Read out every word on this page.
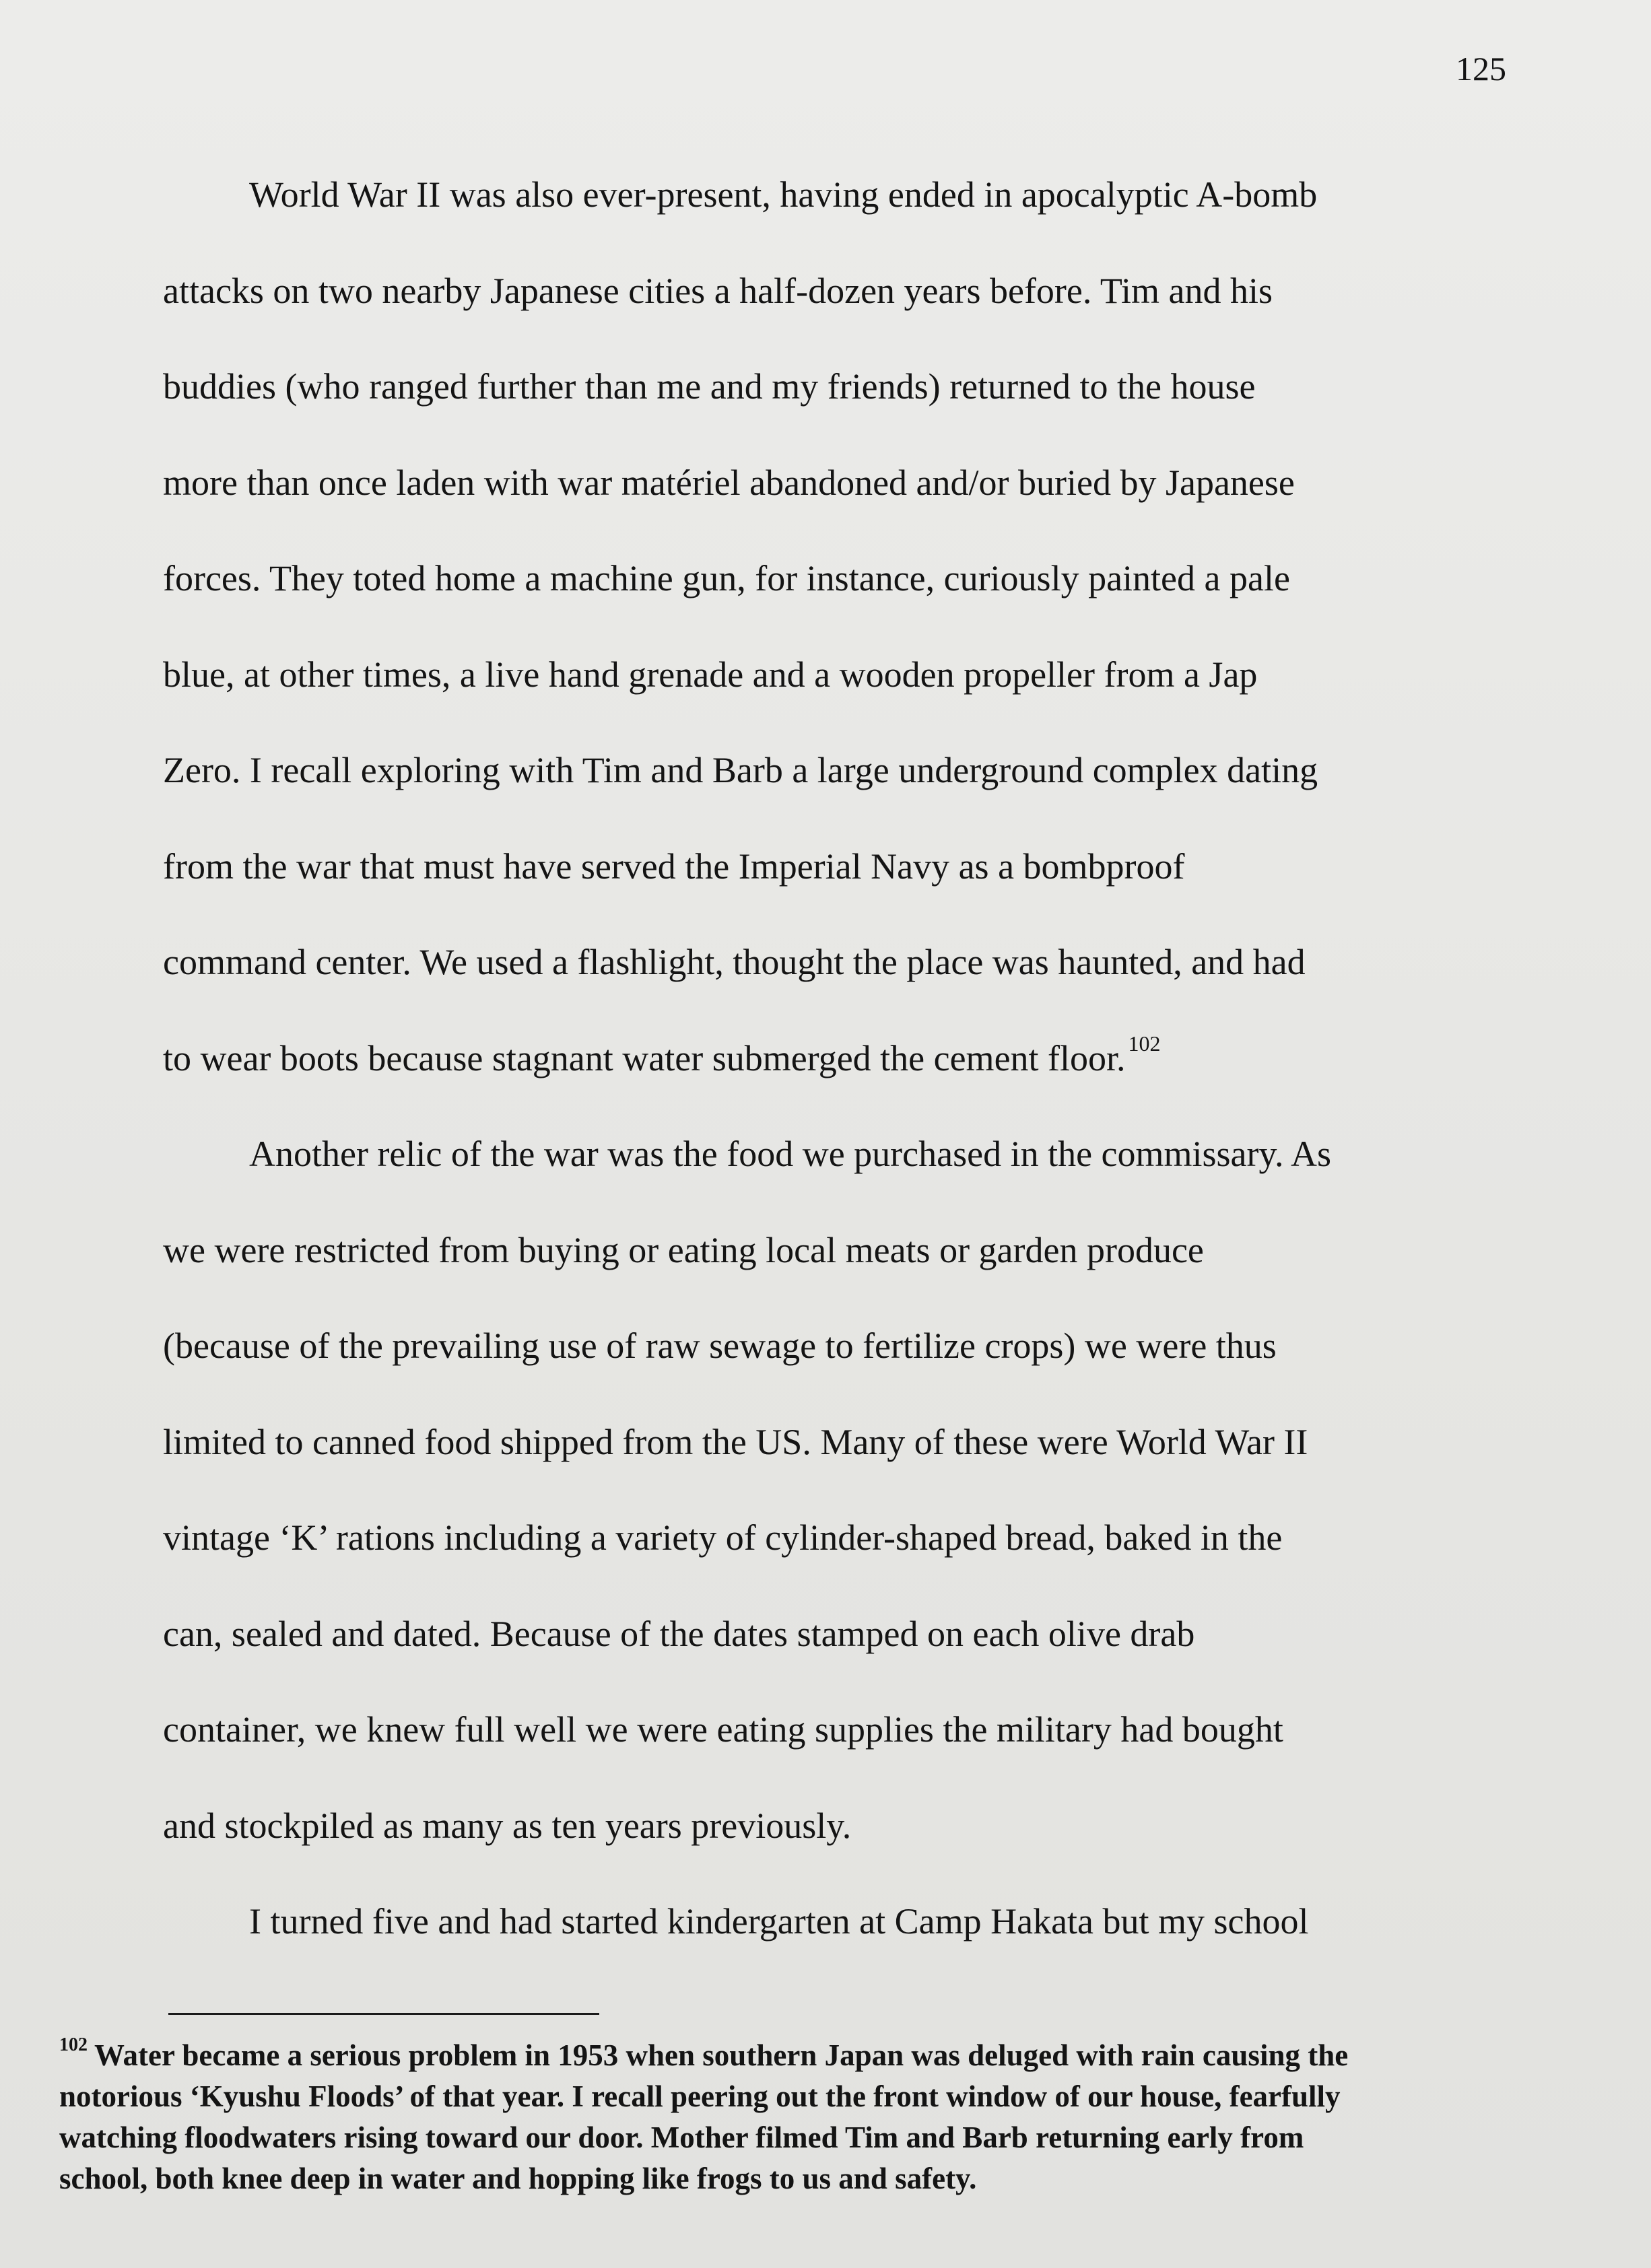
125
World War II was also ever-present, having ended in apocalyptic A-bomb
attacks on two nearby Japanese cities a half-dozen years before. Tim and his
buddies (who ranged further than me and my friends) returned to the house
more than once laden with war matériel abandoned and/or buried by Japanese
forces. They toted home a machine gun, for instance, curiously painted a pale
blue, at other times, a live hand grenade and a wooden propeller from a Jap
Zero. I recall exploring with Tim and Barb a large underground complex dating
from the war that must have served the Imperial Navy as a bombproof
command center. We used a flashlight, thought the place was haunted, and had
to wear boots because stagnant water submerged the cement floor. $^{102}$
Another relic of the war was the food we purchased in the commissary. As
we were restricted from buying or eating local meats or garden produce
(because of the prevailing use of raw sewage to fertilize crops) we were thus
limited to canned food shipped from the US. Many of these were World War II
vintage ‘K’ rations including a variety of cylinder-shaped bread, baked in the
can, sealed and dated. Because of the dates stamped on each olive drab
container, we knew full well we were eating supplies the military had bought
and stockpiled as many as ten years previously.
I turned five and had started kindergarten at Camp Hakata but my school
$^{102}$ Water became a serious problem in 1953 when southern Japan was deluged with rain causing the
notorious ‘Kyushu Floods’ of that year. I recall peering out the front window of our house, fearfully
watching floodwaters rising toward our door. Mother filmed Tim and Barb returning early from
school, both knee deep in water and hopping like frogs to us and safety.
